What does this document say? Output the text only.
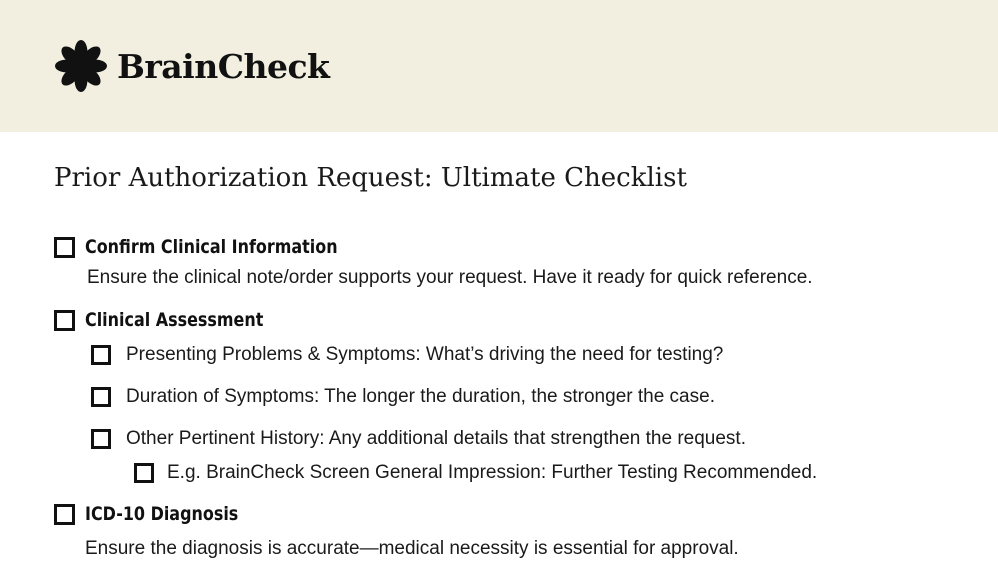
BrainCheck
Prior Authorization Request: Ultimate Checklist
Confirm Clinical Information
Ensure the clinical note/order supports your request. Have it ready for quick reference.
Clinical Assessment
Presenting Problems & Symptoms: What’s driving the need for testing?
Duration of Symptoms: The longer the duration, the stronger the case.
Other Pertinent History: Any additional details that strengthen the request.
E.g. BrainCheck Screen General Impression: Further Testing Recommended.
ICD-10 Diagnosis
Ensure the diagnosis is accurate—medical necessity is essential for approval.
